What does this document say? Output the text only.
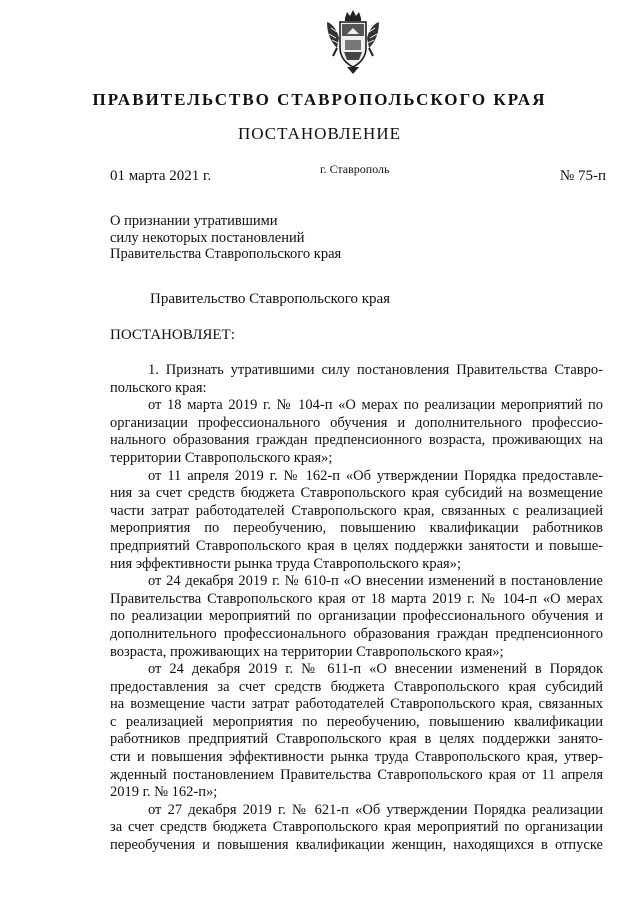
ПРАВИТЕЛЬСТВО СТАВРОПОЛЬСКОГО КРАЯ
ПОСТАНОВЛЕНИЕ
01 марта 2021 г.	г. Ставрополь	№ 75-п
О признании утратившими
силу некоторых постановлений
Правительства Ставропольского края
Правительство Ставропольского края
ПОСТАНОВЛЯЕТ:
1. Признать утратившими силу постановления Правительства Ставро-
польского края:
от 18 марта 2019 г. № 104-п «О мерах по реализации мероприятий по
организации профессионального обучения и дополнительного профессио-
нального образования граждан предпенсионного возраста, проживающих на
территории Ставропольского края»;
от 11 апреля 2019 г. № 162-п «Об утверждении Порядка предоставле-
ния за счет средств бюджета Ставропольского края субсидий на возмещение
части затрат работодателей Ставропольского края, связанных с реализацией
мероприятия по переобучению, повышению квалификации работников
предприятий Ставропольского края в целях поддержки занятости и повыше-
ния эффективности рынка труда Ставропольского края»;
от 24 декабря 2019 г. № 610-п «О внесении изменений в постановление
Правительства Ставропольского края от 18 марта 2019 г. № 104-п «О мерах
по реализации мероприятий по организации профессионального обучения и
дополнительного профессионального образования граждан предпенсионного
возраста, проживающих на территории Ставропольского края»;
от 24 декабря 2019 г. № 611-п «О внесении изменений в Порядок
предоставления за счет средств бюджета Ставропольского края субсидий
на возмещение части затрат работодателей Ставропольского края, связанных
с реализацией мероприятия по переобучению, повышению квалификации
работников предприятий Ставропольского края в целях поддержки занято-
сти и повышения эффективности рынка труда Ставропольского края, утвер-
жденный постановлением Правительства Ставропольского края от 11 апреля
2019 г. № 162-п»;
от 27 декабря 2019 г. № 621-п «Об утверждении Порядка реализации
за счет средств бюджета Ставропольского края мероприятий по организации
переобучения и повышения квалификации женщин, находящихся в отпуске
